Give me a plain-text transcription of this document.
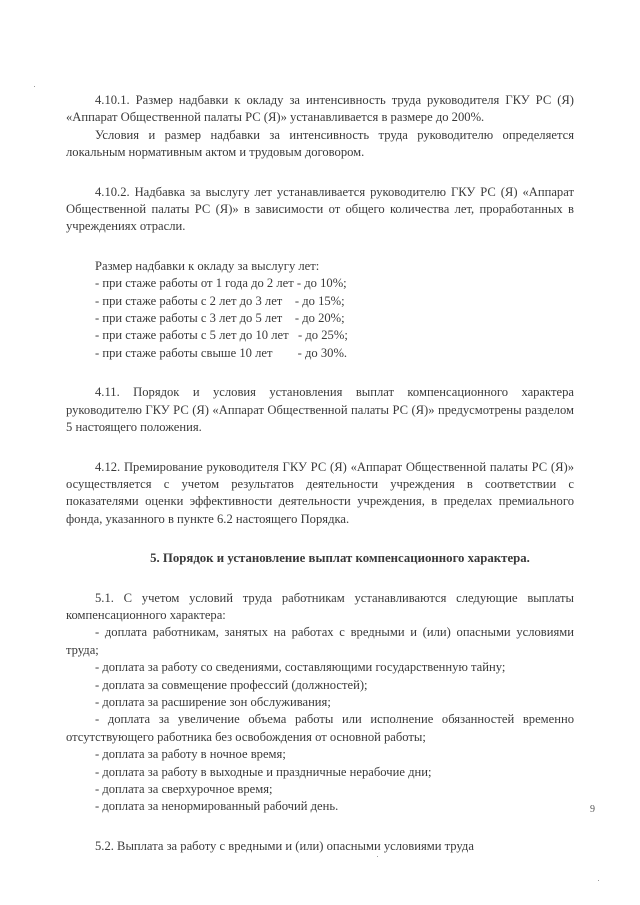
4.10.1. Размер надбавки к окладу за интенсивность труда руководителя ГКУ РС (Я) «Аппарат Общественной палаты РС (Я)» устанавливается в размере до 200%.

Условия и размер надбавки за интенсивность труда руководителю определяется локальным нормативным актом и трудовым договором.

4.10.2. Надбавка за выслугу лет устанавливается руководителю ГКУ РС (Я) «Аппарат Общественной палаты РС (Я)» в зависимости от общего количества лет, проработанных в учреждениях отрасли.

Размер надбавки к окладу за выслугу лет:

- при стаже работы от 1 года до 2 лет - до 10%;

- при стаже работы с 2 лет до 3 лет    - до 15%;

- при стаже работы с 3 лет до 5 лет    - до 20%;

- при стаже работы с 5 лет до 10 лет   - до 25%;

- при стаже работы свыше 10 лет        - до 30%.

4.11. Порядок и условия установления выплат компенсационного характера руководителю ГКУ РС (Я) «Аппарат Общественной палаты РС (Я)» предусмотрены разделом 5 настоящего положения.

4.12. Премирование руководителя ГКУ РС (Я) «Аппарат Общественной палаты РС (Я)» осуществляется с учетом результатов деятельности учреждения в соответствии с показателями оценки эффективности деятельности учреждения, в пределах премиального фонда, указанного в пункте 6.2 настоящего Порядка.

5. Порядок и установление выплат компенсационного характера.

5.1. С учетом условий труда работникам устанавливаются следующие выплаты компенсационного характера:

- доплата работникам, занятых на работах с вредными и (или) опасными условиями труда;

- доплата за работу со сведениями, составляющими государственную тайну;

- доплата за совмещение профессий (должностей);

- доплата за расширение зон обслуживания;

- доплата за увеличение объема работы или исполнение обязанностей временно отсутствующего работника без освобождения от основной работы;

- доплата за работу в ночное время;

- доплата за работу в выходные и праздничные нерабочие дни;

- доплата за сверхурочное время;

- доплата за ненормированный рабочий день.

5.2. Выплата за работу с вредными и (или) опасными условиями труда

9
